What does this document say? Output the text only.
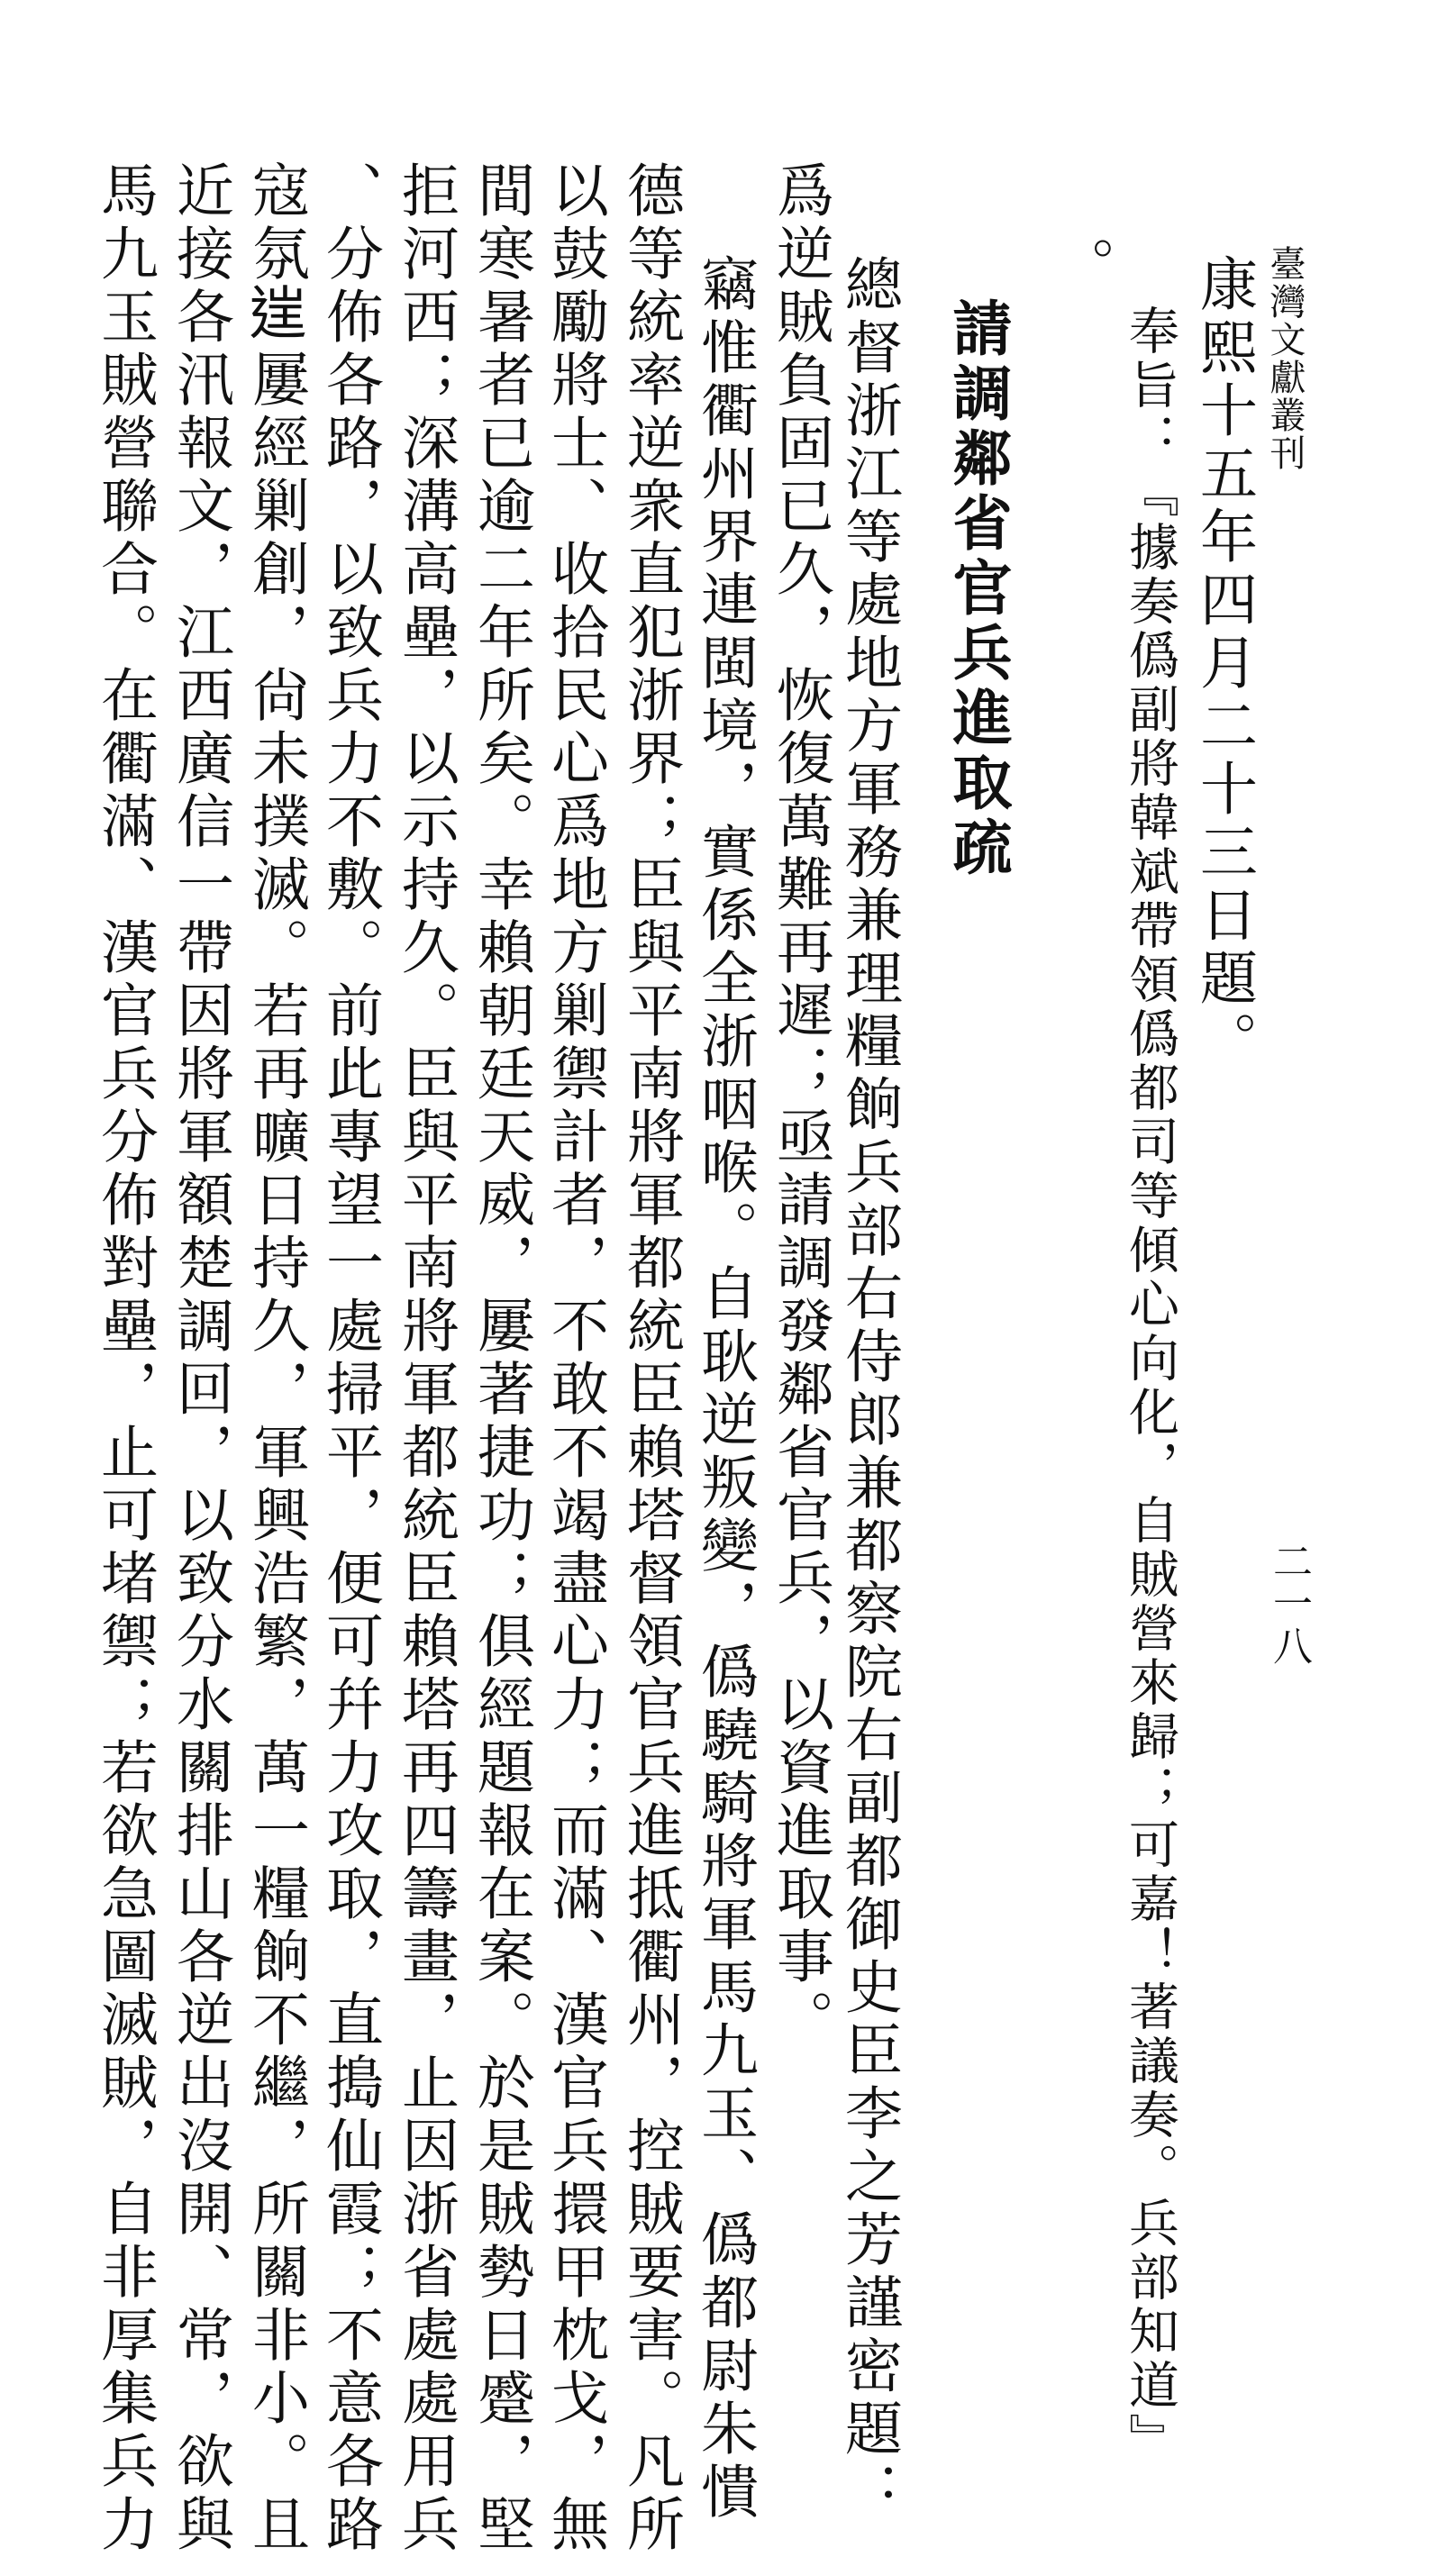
臺灣文獻叢刊
二一八
康熙十五年四月二十三日題。
奉旨：『據奏僞副將韓斌帶領僞都司等傾心向化，自賊營來歸；可嘉！著議奏。兵部知道』
。
請調鄰省官兵進取疏
總督浙江等處地方軍務兼理糧餉兵部右侍郎兼都察院右副都御史臣李之芳謹密題：
爲逆賊負固已久，恢復萬難再遲；亟請調發鄰省官兵，以資進取事。
竊惟衢州界連閩境，實係全浙咽喉。自耿逆叛變，僞驍騎將軍馬九玉、僞都尉朱憒
德等統率逆衆直犯浙界；臣與平南將軍都統臣賴塔督領官兵進抵衢州，控賊要害。凡所
以鼓勵將士、收拾民心爲地方剿禦計者，不敢不竭盡心力；而滿、漢官兵擐甲枕戈，無
間寒暑者已逾二年所矣。幸賴朝廷天威，屢著捷功；俱經題報在案。於是賊勢日蹙，堅
拒河西；深溝高壘，以示持久。臣與平南將軍都統臣賴塔再四籌畫，止因浙省處處用兵
、分佈各路，以致兵力不敷。前此專望一處掃平，便可幷力攻取，直搗仙霞；不意各路
寇氛𨓏屢經剿創，尙未撲滅。若再曠日持久，軍興浩繁，萬一糧餉不繼，所關非小。且
近接各汛報文，江西廣信一帶因將軍額楚調回，以致分水關排山各逆出沒開、常，欲與
馬九玉賊營聯合。在衢滿、漢官兵分佈對壘，止可堵禦；若欲急圖滅賊，自非厚集兵力
